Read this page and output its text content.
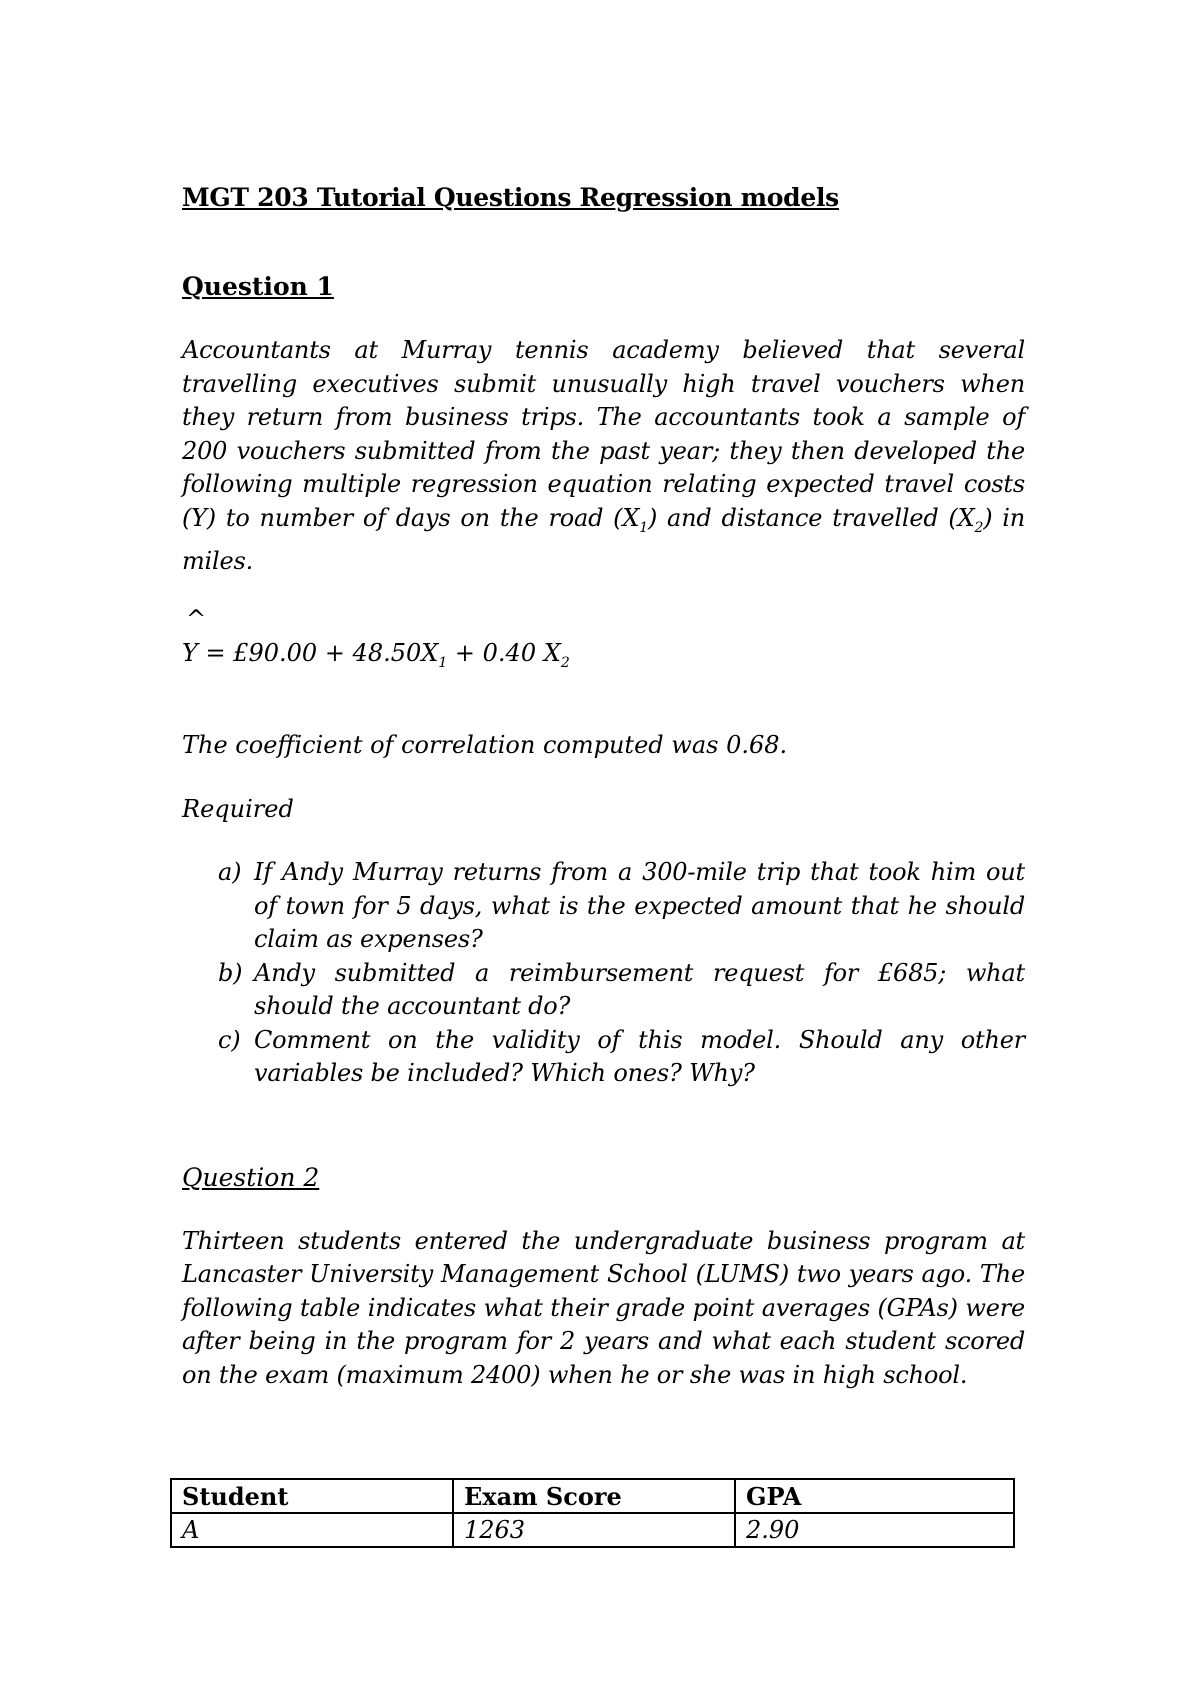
MGT 203 Tutorial Questions Regression models

Question 1

Accountants at Murray tennis academy believed that several travelling executives submit unusually high travel vouchers when they return from business trips. The accountants took a sample of 200 vouchers submitted from the past year; they then developed the following multiple regression equation relating expected travel costs (Y) to number of days on the road $(X_1)$ and distance travelled $(X_2)$ in miles.

^

Y = £90.00 + $48.50X_1 + 0.40$ $X_2$

The coefficient of correlation computed was 0.68.

Required

a) If Andy Murray returns from a 300-mile trip that took him out of town for 5 days, what is the expected amount that he should claim as expenses?
b) Andy submitted a reimbursement request for £685; what should the accountant do?
c) Comment on the validity of this model. Should any other variables be included? Which ones? Why?

Question 2

Thirteen students entered the undergraduate business program at Lancaster University Management School (LUMS) two years ago. The following table indicates what their grade point averages (GPAs) were after being in the program for 2 years and what each student scored on the exam (maximum 2400) when he or she was in high school.

Student	Exam Score	GPA
A	1263	2.90
